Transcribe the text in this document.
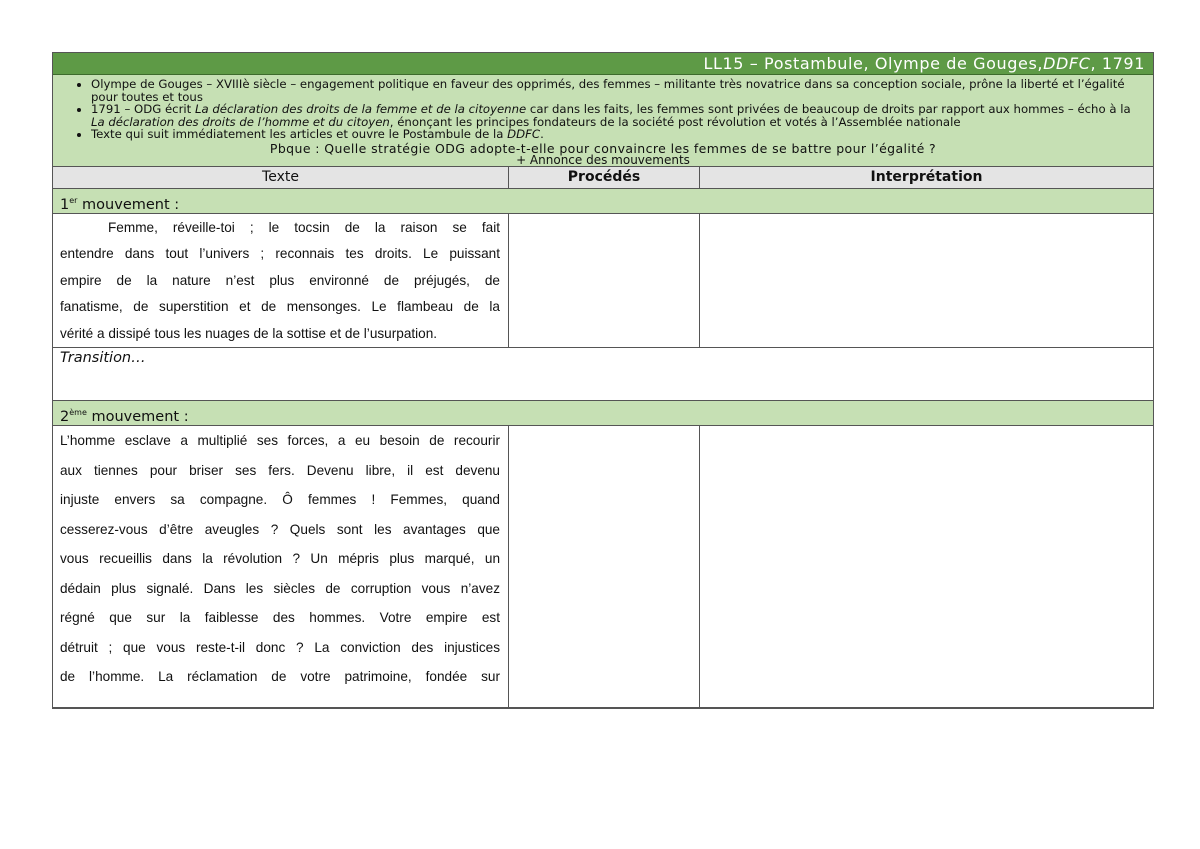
LL15 – Postambule, Olympe de Gouges, DDFC , 1791
• Olympe de Gouges – XVIIIè siècle – engagement politique en faveur des opprimés, des femmes – militante très novatrice dans sa conception sociale, prône la liberté et l’égalité pour toutes et tous
• 1791 – ODG écrit La déclaration des droits de la femme et de la citoyenne car dans les faits, les femmes sont privées de beaucoup de droits par rapport aux hommes – écho à la La déclaration des droits de l’homme et du citoyen, énonçant les principes fondateurs de la société post révolution et votés à l’Assemblée nationale
• Texte qui suit immédiatement les articles et ouvre le Postambule de la DDFC.
Pbque : Quelle stratégie ODG adopte-t-elle pour convaincre les femmes de se battre pour l’égalité ?
+ Annonce des mouvements
Texte	Procédés	Interprétation
1er mouvement :
Femme, réveille-toi ; le tocsin de la raison se fait
entendre dans tout l’univers ; reconnais tes droits. Le puissant
empire de la nature n’est plus environné de préjugés, de
fanatisme, de superstition et de mensonges. Le flambeau de la
vérité a dissipé tous les nuages de la sottise et de l’usurpation.
Transition…
2ème mouvement :
L’homme esclave a multiplié ses forces, a eu besoin de recourir
aux tiennes pour briser ses fers. Devenu libre, il est devenu
injuste envers sa compagne. Ô femmes ! Femmes, quand
cesserez-vous d’être aveugles ? Quels sont les avantages que
vous recueillis dans la révolution ? Un mépris plus marqué, un
dédain plus signalé. Dans les siècles de corruption vous n’avez
régné que sur la faiblesse des hommes. Votre empire est
détruit ; que vous reste-t-il donc ? La conviction des injustices
de l’homme. La réclamation de votre patrimoine, fondée sur
